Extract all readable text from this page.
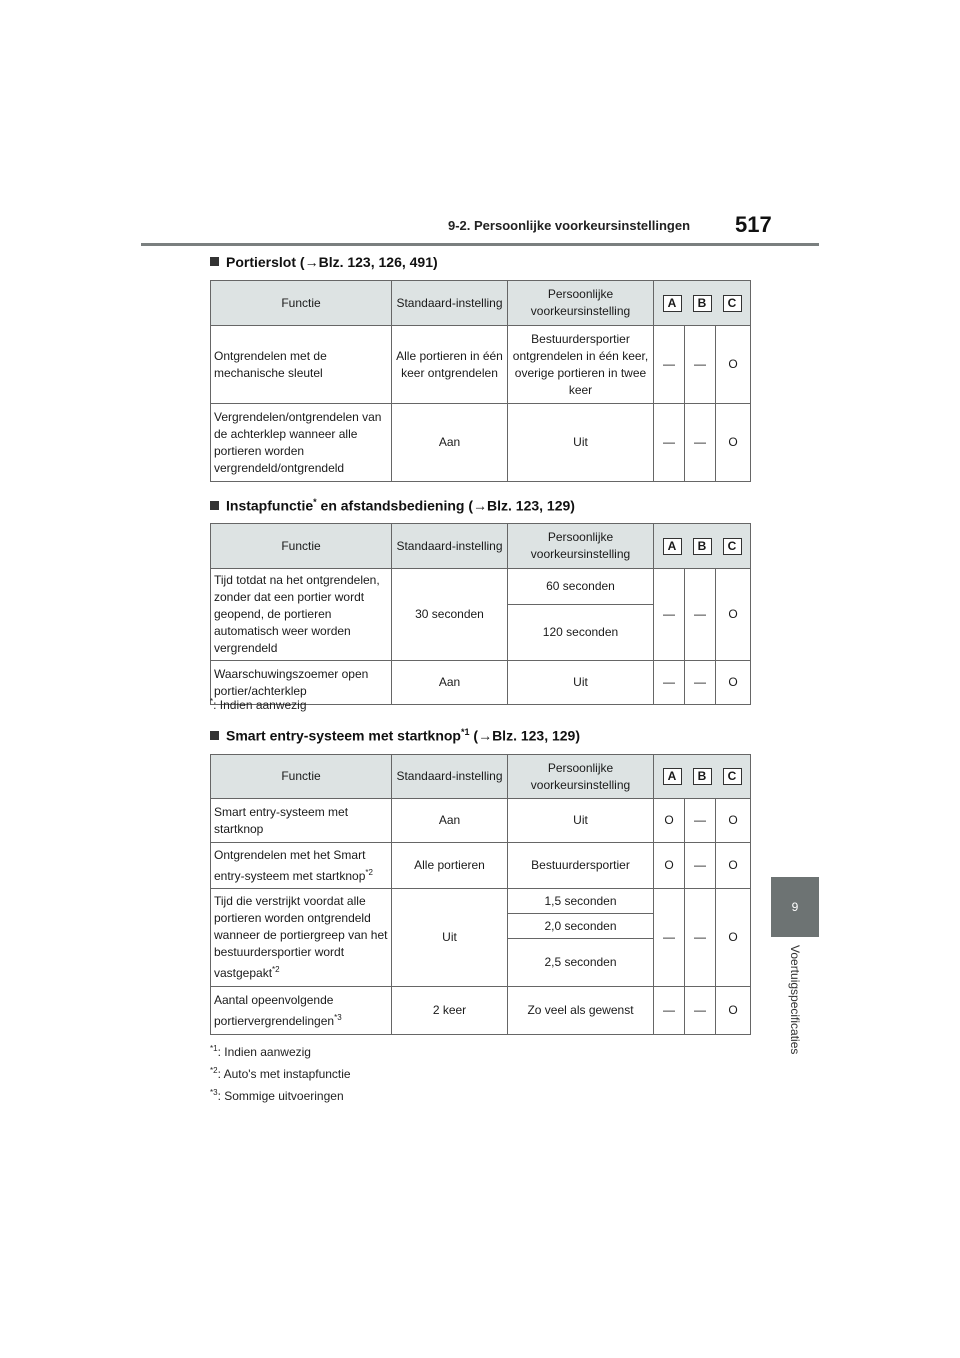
9-2. Persoonlijke voorkeursinstellingen	517
9
Voertuigspecificaties
Portierslot (→Blz. 123, 126, 491)
Functie	Standaard-instelling	Persoonlijke voorkeursinstelling	A B C		

Ontgrendelen met de mechanische sleutel	Alle portieren in één keer ontgrendelen	Bestuurdersportier ontgrendelen in één keer, overige portieren in twee keer	—	—	O
Vergrendelen/ontgrendelen van de achterklep wanneer alle portieren worden vergrendeld/ontgrendeld	Aan	Uit	—	—	O
Instapfunctie* en afstandsbediening (→Blz. 123, 129)
Functie	Standaard-instelling	Persoonlijke voorkeursinstelling	A B C		

Tijd totdat na het ontgrendelen, zonder dat een portier wordt geopend, de portieren automatisch weer worden vergrendeld	30 seconden	60 seconden	—	—	O
		120 seconden			
Waarschuwingszoemer open portier/achterklep	Aan	Uit	—	—	O
*: Indien aanwezig
Smart entry-systeem met startknop$^{*1}$ (→Blz. 123, 129)
Functie	Standaard-instelling	Persoonlijke voorkeursinstelling	A B C		

Smart entry-systeem met startknop	Aan	Uit	O	—	O
Ontgrendelen met het Smart entry-systeem met startknop$^{*2}$	Alle portieren	Bestuurdersportier	O	—	O
Tijd die verstrijkt voordat alle portieren worden ontgrendeld wanneer de portiergreep van het bestuurdersportier wordt vastgepakt$^{*2}$	Uit	1,5 seconden	—	—	O
		2,0 seconden			
		2,5 seconden			
Aantal opeenvolgende portiervergrendelingen$^{*3}$	2 keer	Zo veel als gewenst	—	—	O
$^{*1}$: Indien aanwezig
$^{*2}$: Auto's met instapfunctie
$^{*3}$: Sommige uitvoeringen
